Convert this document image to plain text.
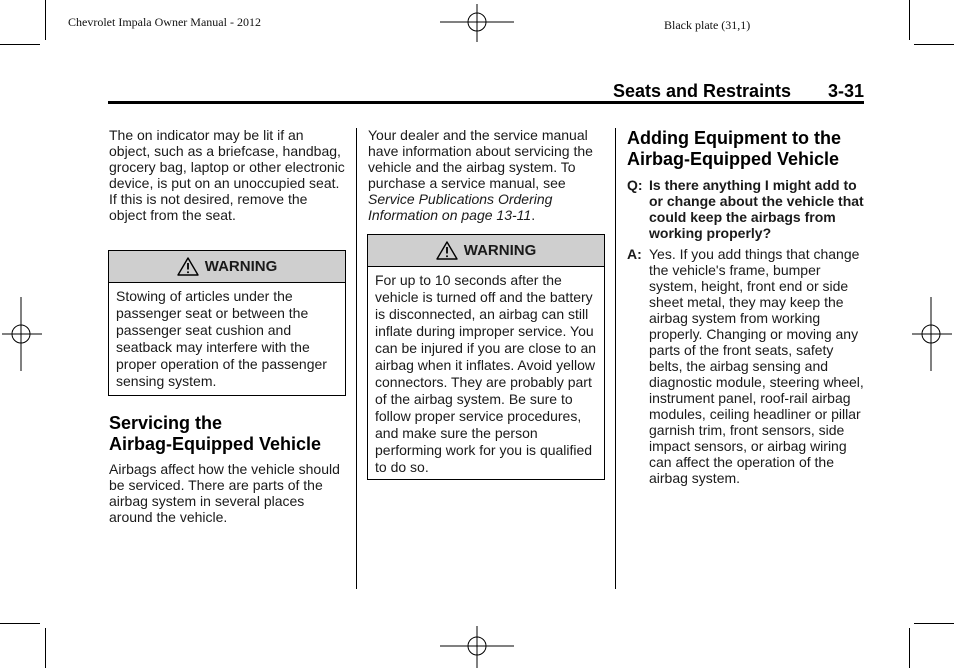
Chevrolet Impala Owner Manual - 2012	Black plate (31,1)
Seats and Restraints 3-31

The on indicator may be lit if an object, such as a briefcase, handbag, grocery bag, laptop or other electronic device, is put on an unoccupied seat. If this is not desired, remove the object from the seat.

WARNING
Stowing of articles under the passenger seat or between the passenger seat cushion and seatback may interfere with the proper operation of the passenger sensing system.
Servicing the
Airbag-Equipped Vehicle

Airbags affect how the vehicle should be serviced. There are parts of the airbag system in several places around the vehicle.

Your dealer and the service manual have information about servicing the vehicle and the airbag system. To purchase a service manual, see Service Publications Ordering Information on page 13-11.

WARNING
For up to 10 seconds after the vehicle is turned off and the battery is disconnected, an airbag can still inflate during improper service. You can be injured if you are close to an airbag when it inflates. Avoid yellow connectors. They are probably part of the airbag system. Be sure to follow proper service procedures, and make sure the person performing work for you is qualified to do so.
Adding Equipment to the
Airbag-Equipped Vehicle
Q: Is there anything I might add to or change about the vehicle that could keep the airbags from working properly?
A: Yes. If you add things that change the vehicle's frame, bumper system, height, front end or side sheet metal, they may keep the airbag system from working properly. Changing or moving any parts of the front seats, safety belts, the airbag sensing and diagnostic module, steering wheel, instrument panel, roof-rail airbag modules, ceiling headliner or pillar garnish trim, front sensors, side impact sensors, or airbag wiring can affect the operation of the airbag system.
